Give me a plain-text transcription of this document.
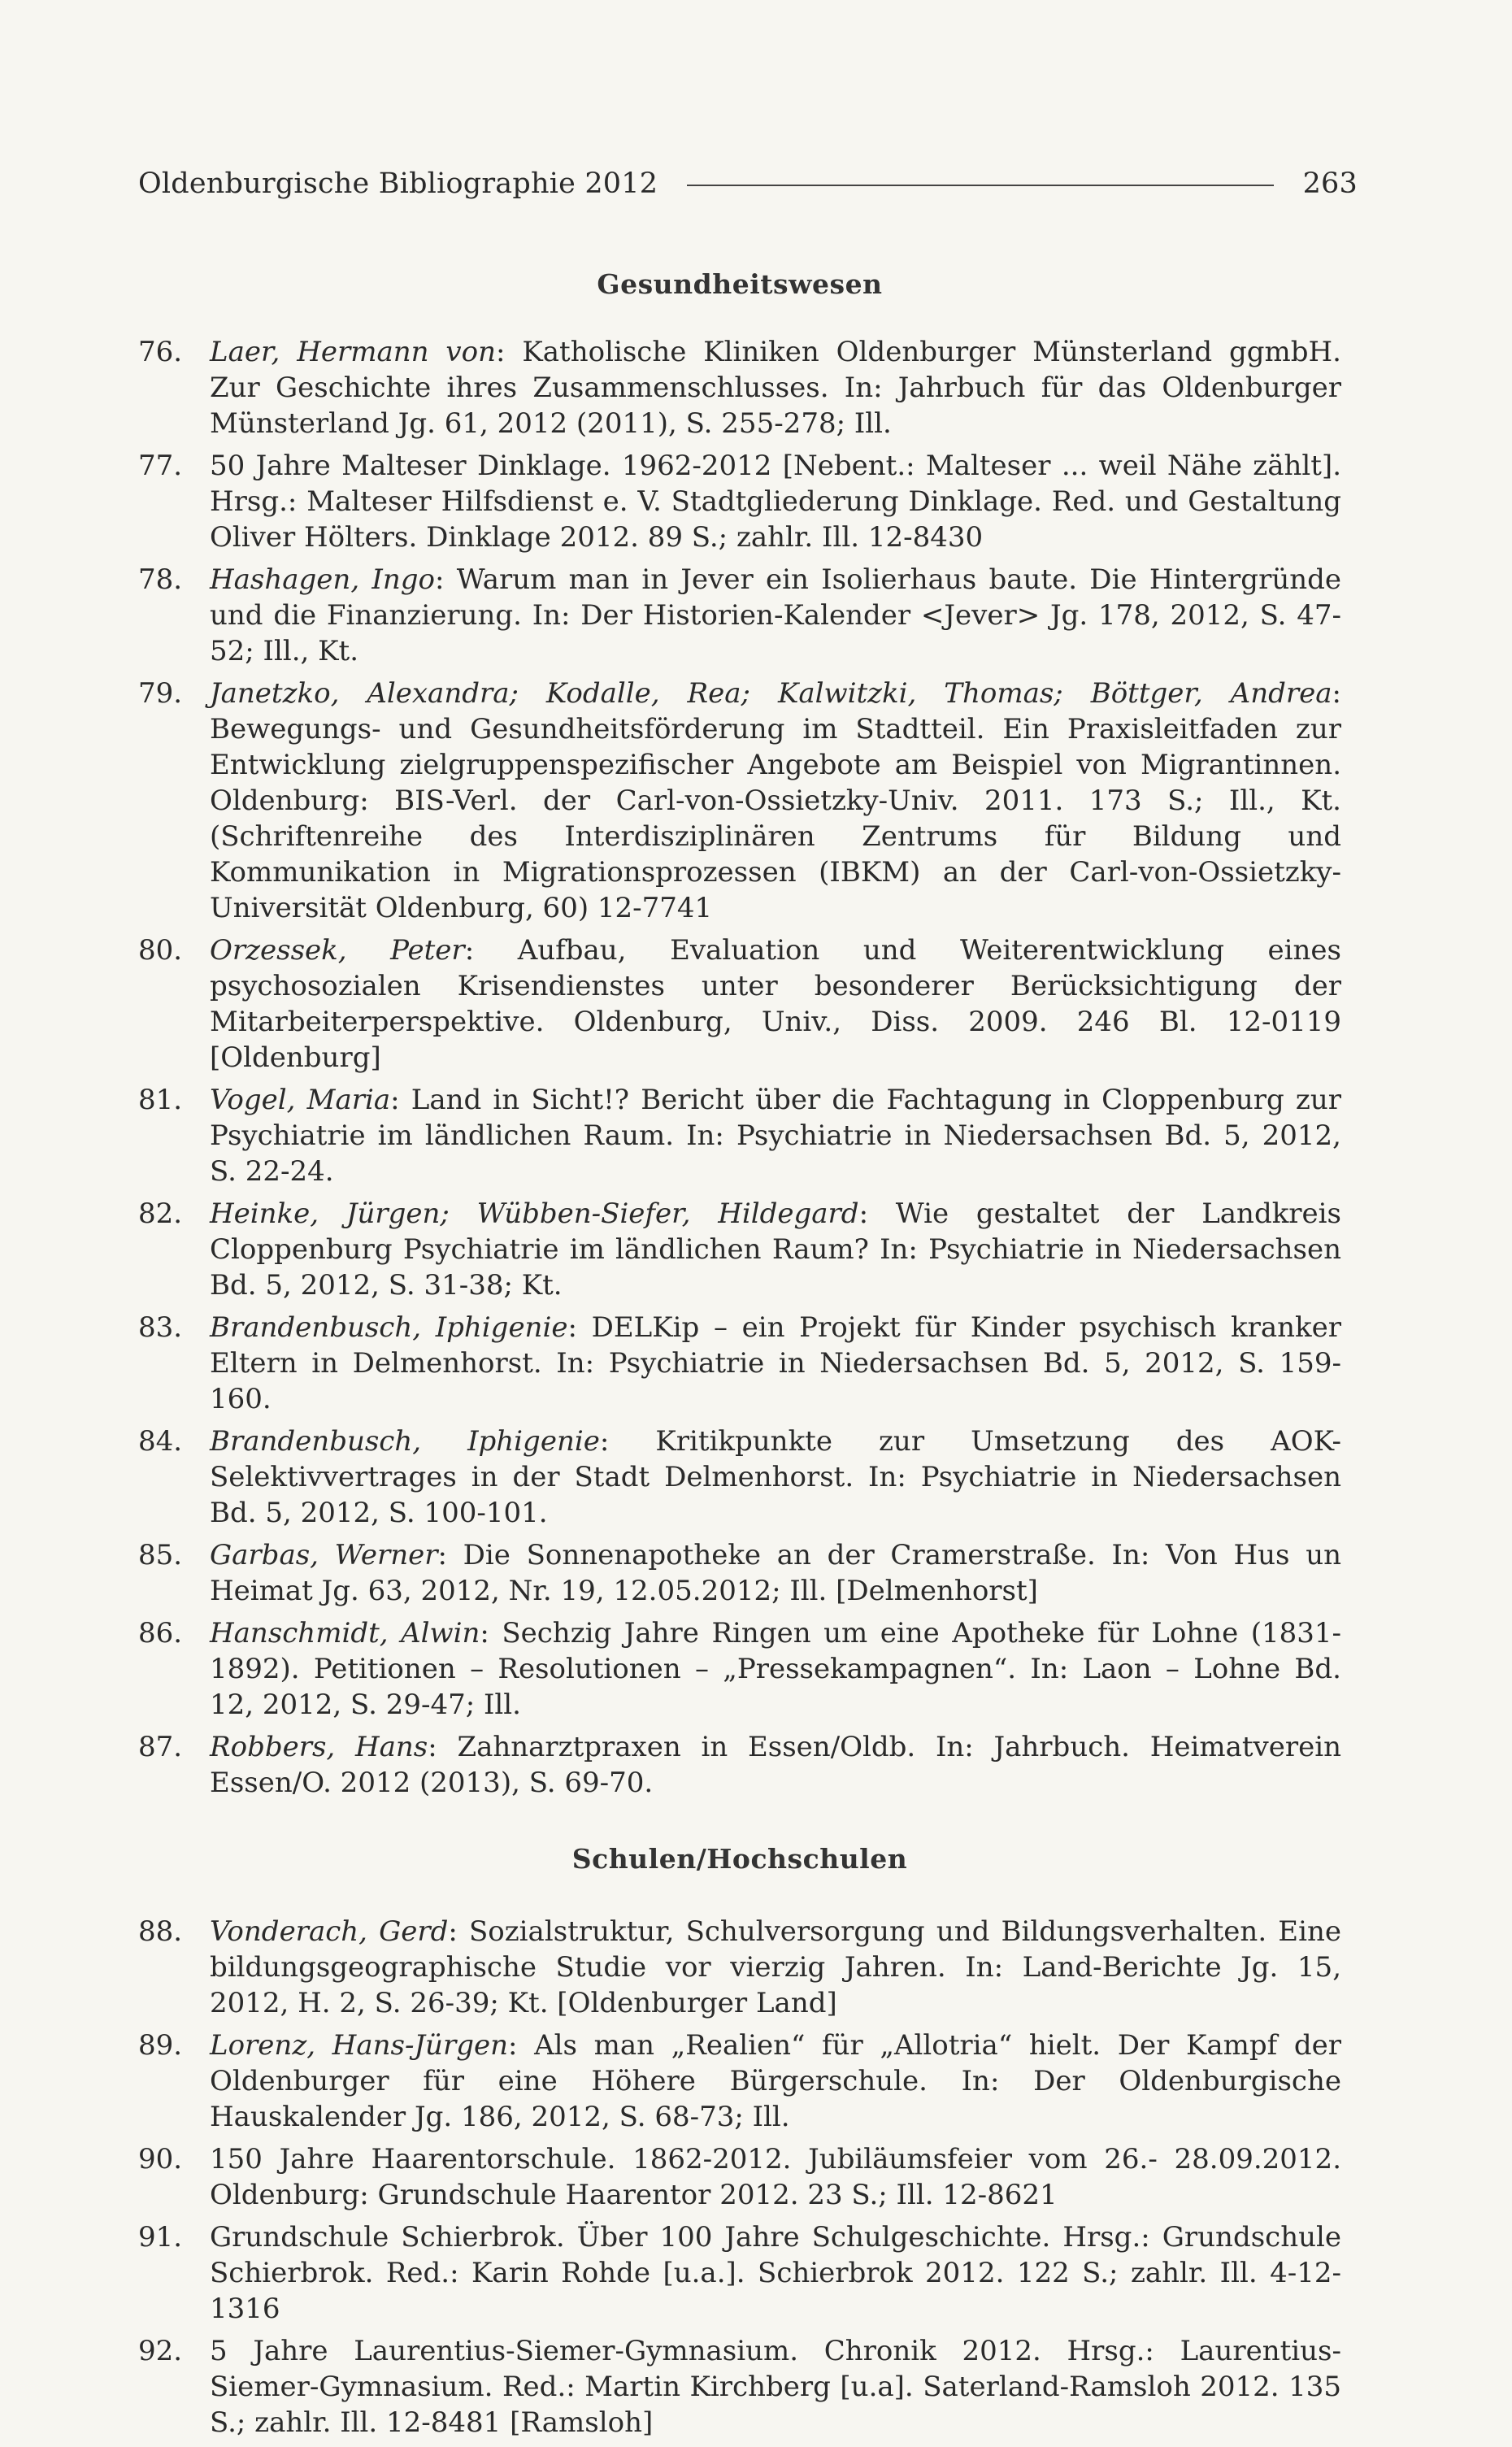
Oldenburgische Bibliographie 2012	263
Gesundheitswesen
76. Laer, Hermann von: Katholische Kliniken Oldenburger Münsterland ggmbH. Zur Geschichte ihres Zusammenschlusses. In: Jahrbuch für das Oldenburger Münsterland Jg. 61, 2012 (2011), S. 255-278; Ill.
77. 50 Jahre Malteser Dinklage. 1962-2012 [Nebent.: Malteser ... weil Nähe zählt]. Hrsg.: Malteser Hilfsdienst e. V. Stadtgliederung Dinklage. Red. und Gestaltung Oliver Hölters. Dinklage 2012. 89 S.; zahlr. Ill. 12-8430
78. Hashagen, Ingo: Warum man in Jever ein Isolierhaus baute. Die Hintergründe und die Finanzierung. In: Der Historien-Kalender <Jever> Jg. 178, 2012, S. 47-52; Ill., Kt.
79. Janetzko, Alexandra; Kodalle, Rea; Kalwitzki, Thomas; Böttger, Andrea: Bewegungs- und Gesundheitsförderung im Stadtteil. Ein Praxisleitfaden zur Entwicklung zielgruppenspezifischer Angebote am Beispiel von Migrantinnen. Oldenburg: BIS-Verl. der Carl-von-Ossietzky-Univ. 2011. 173 S.; Ill., Kt. (Schriftenreihe des Interdisziplinären Zentrums für Bildung und Kommunikation in Migrationsprozessen (IBKM) an der Carl-von-Ossietzky-Universität Oldenburg, 60) 12-7741
80. Orzessek, Peter: Aufbau, Evaluation und Weiterentwicklung eines psychosozialen Krisendienstes unter besonderer Berücksichtigung der Mitarbeiterperspektive. Oldenburg, Univ., Diss. 2009. 246 Bl. 12-0119 [Oldenburg]
81. Vogel, Maria: Land in Sicht!? Bericht über die Fachtagung in Cloppenburg zur Psychiatrie im ländlichen Raum. In: Psychiatrie in Niedersachsen Bd. 5, 2012, S. 22-24.
82. Heinke, Jürgen; Wübben-Siefer, Hildegard: Wie gestaltet der Landkreis Cloppenburg Psychiatrie im ländlichen Raum? In: Psychiatrie in Niedersachsen Bd. 5, 2012, S. 31-38; Kt.
83. Brandenbusch, Iphigenie: DELKip – ein Projekt für Kinder psychisch kranker Eltern in Delmenhorst. In: Psychiatrie in Niedersachsen Bd. 5, 2012, S. 159-160.
84. Brandenbusch, Iphigenie: Kritikpunkte zur Umsetzung des AOK-Selektivvertrages in der Stadt Delmenhorst. In: Psychiatrie in Niedersachsen Bd. 5, 2012, S. 100-101.
85. Garbas, Werner: Die Sonnenapotheke an der Cramerstraße. In: Von Hus un Heimat Jg. 63, 2012, Nr. 19, 12.05.2012; Ill. [Delmenhorst]
86. Hanschmidt, Alwin: Sechzig Jahre Ringen um eine Apotheke für Lohne (1831-1892). Petitionen – Resolutionen – „Pressekampagnen“. In: Laon – Lohne Bd. 12, 2012, S. 29-47; Ill.
87. Robbers, Hans: Zahnarztpraxen in Essen/Oldb. In: Jahrbuch. Heimatverein Essen/O. 2012 (2013), S. 69-70.
Schulen/Hochschulen
88. Vonderach, Gerd: Sozialstruktur, Schulversorgung und Bildungsverhalten. Eine bildungsgeographische Studie vor vierzig Jahren. In: Land-Berichte Jg. 15, 2012, H. 2, S. 26-39; Kt. [Oldenburger Land]
89. Lorenz, Hans-Jürgen: Als man „Realien“ für „Allotria“ hielt. Der Kampf der Oldenburger für eine Höhere Bürgerschule. In: Der Oldenburgische Hauskalender Jg. 186, 2012, S. 68-73; Ill.
90. 150 Jahre Haarentorschule. 1862-2012. Jubiläumsfeier vom 26.- 28.09.2012. Oldenburg: Grundschule Haarentor 2012. 23 S.; Ill. 12-8621
91. Grundschule Schierbrok. Über 100 Jahre Schulgeschichte. Hrsg.: Grundschule Schierbrok. Red.: Karin Rohde [u.a.]. Schierbrok 2012. 122 S.; zahlr. Ill. 4-12-1316
92. 5 Jahre Laurentius-Siemer-Gymnasium. Chronik 2012. Hrsg.: Laurentius-Siemer-Gymnasium. Red.: Martin Kirchberg [u.a]. Saterland-Ramsloh 2012. 135 S.; zahlr. Ill. 12-8481 [Ramsloh]
